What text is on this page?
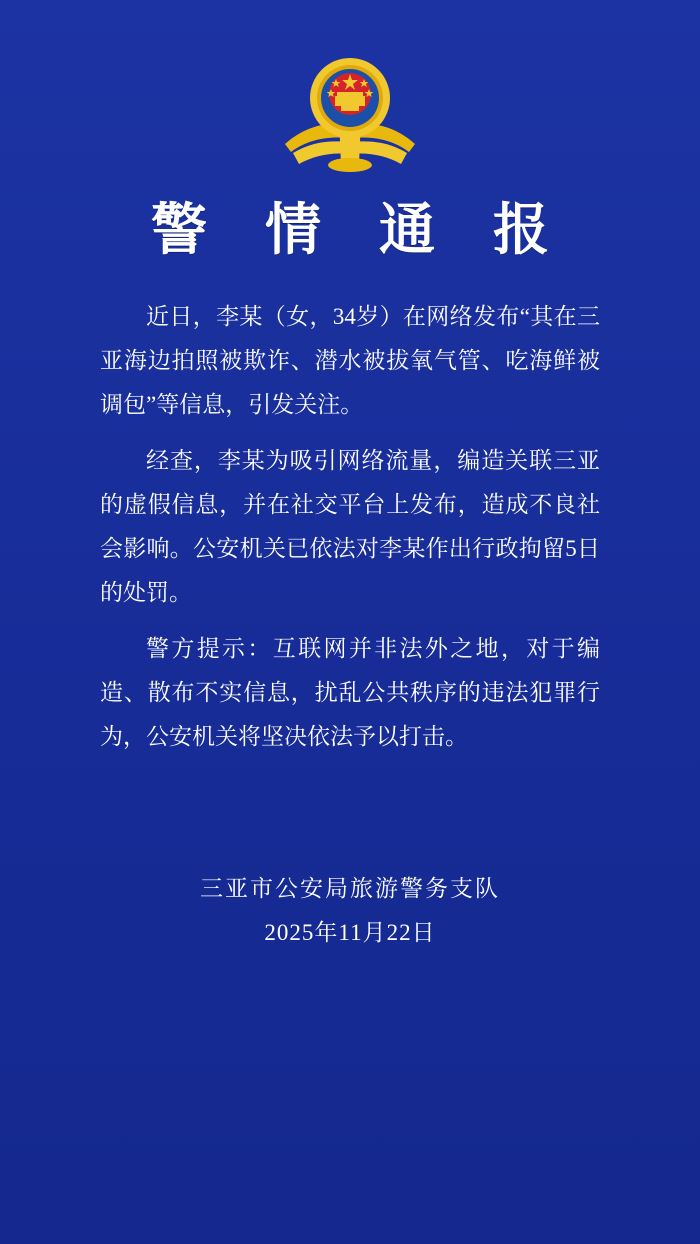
警 情 通 报

近日，李某（女，34岁）在网络发布“其在三亚海边拍照被欺诈、潜水被拔氧气管、吃海鲜被调包”等信息，引发关注。

经查，李某为吸引网络流量，编造关联三亚的虚假信息，并在社交平台上发布，造成不良社会影响。公安机关已依法对李某作出行政拘留5日的处罚。

警方提示：互联网并非法外之地，对于编造、散布不实信息，扰乱公共秩序的违法犯罪行为，公安机关将坚决依法予以打击。

三亚市公安局旅游警务支队
2025年11月22日
